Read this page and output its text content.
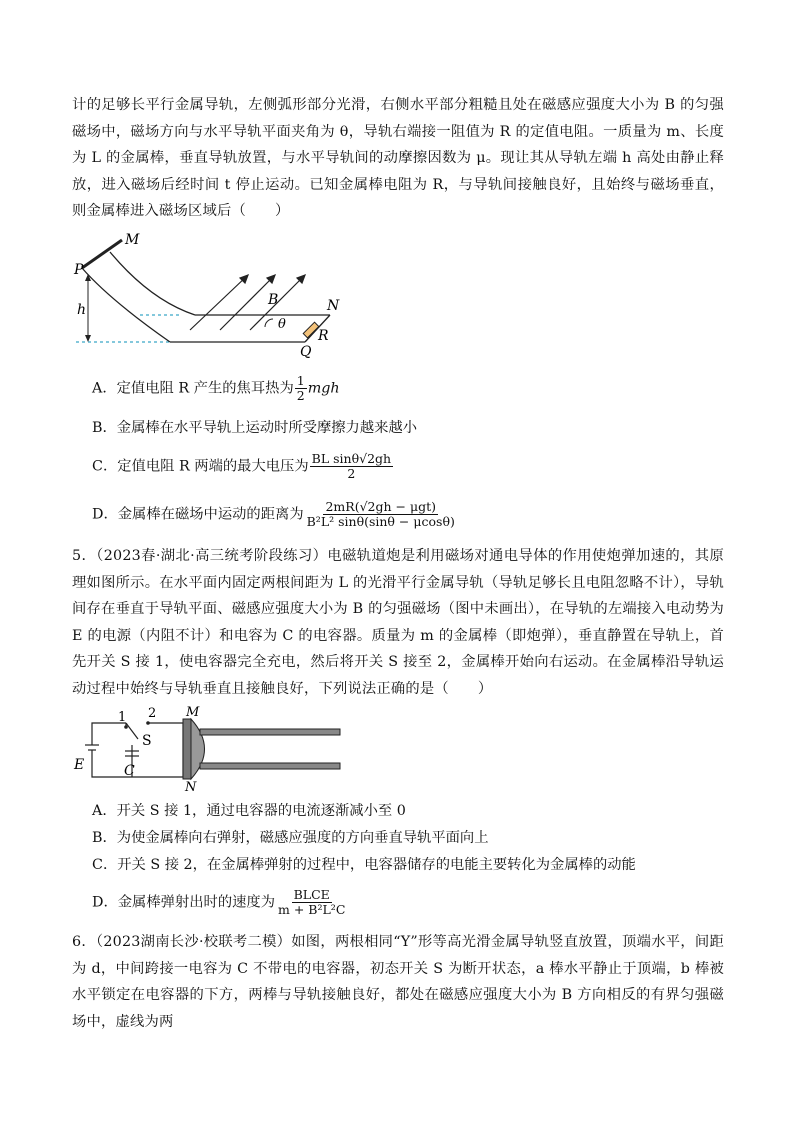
计的足够长平行金属导轨，左侧弧形部分光滑，右侧水平部分粗糙且处在磁感应强度大小为 B 的匀强磁场中，磁场方向与水平导轨平面夹角为 θ，导轨右端接一阻值为 R 的定值电阻。一质量为 m、长度为 L 的金属棒，垂直导轨放置，与水平导轨间的动摩擦因数为 μ。现让其从导轨左端 h 高处由静止释放，进入磁场后经时间 t 停止运动。已知金属棒电阻为 R，与导轨间接触良好，且始终与磁场垂直，则金属棒进入磁场区域后（　　）
M
P
h
B	N
θ
R
Q
A．定值电阻 R 产生的焦耳热为 $\frac{1}{2}$ mgh
B．金属棒在水平导轨上运动时所受摩擦力越来越小
C．定值电阻 R 两端的最大电压为 $\frac{\text{BL sinθ√2gh}}{2}$
D．金属棒在磁场中运动的距离为 $\frac{\text{2mR(√2gh − μgt)}}{\text{B²L² sinθ(sinθ − μcosθ)}}$
5．（2023春·湖北·高三统考阶段练习）电磁轨道炮是利用磁场对通电导体的作用使炮弹加速的，其原理如图所示。在水平面内固定两根间距为 L 的光滑平行金属导轨（导轨足够长且电阻忽略不计），导轨间存在垂直于导轨平面、磁感应强度大小为 B 的匀强磁场（图中未画出），在导轨的左端接入电动势为 E 的电源（内阻不计）和电容为 C 的电容器。质量为 m 的金属棒（即炮弹），垂直静置在导轨上，首先开关 S 接 1，使电容器完全充电，然后将开关 S 接至 2，金属棒开始向右运动。在金属棒沿导轨运动过程中始终与导轨垂直且接触良好，下列说法正确的是（　　）
1 2
S
M
E	C
N
A．开关 S 接 1，通过电容器的电流逐渐减小至 0
B．为使金属棒向右弹射，磁感应强度的方向垂直导轨平面向上
C．开关 S 接 2，在金属棒弹射的过程中，电容器储存的电能主要转化为金属棒的动能
D．金属棒弹射出时的速度为 $\frac{\text{BLCE}}{\text{m + B²L²C}}$
6．（2023湖南长沙·校联考二模）如图，两根相同“Y”形等高光滑金属导轨竖直放置，顶端水平，间距为 d，中间跨接一电容为 C 不带电的电容器，初态开关 S 为断开状态，a 棒水平静止于顶端，b 棒被水平锁定在电容器的下方，两棒与导轨接触良好，都处在磁感应强度大小为 B 方向相反的有界匀强磁场中，虚线为两
